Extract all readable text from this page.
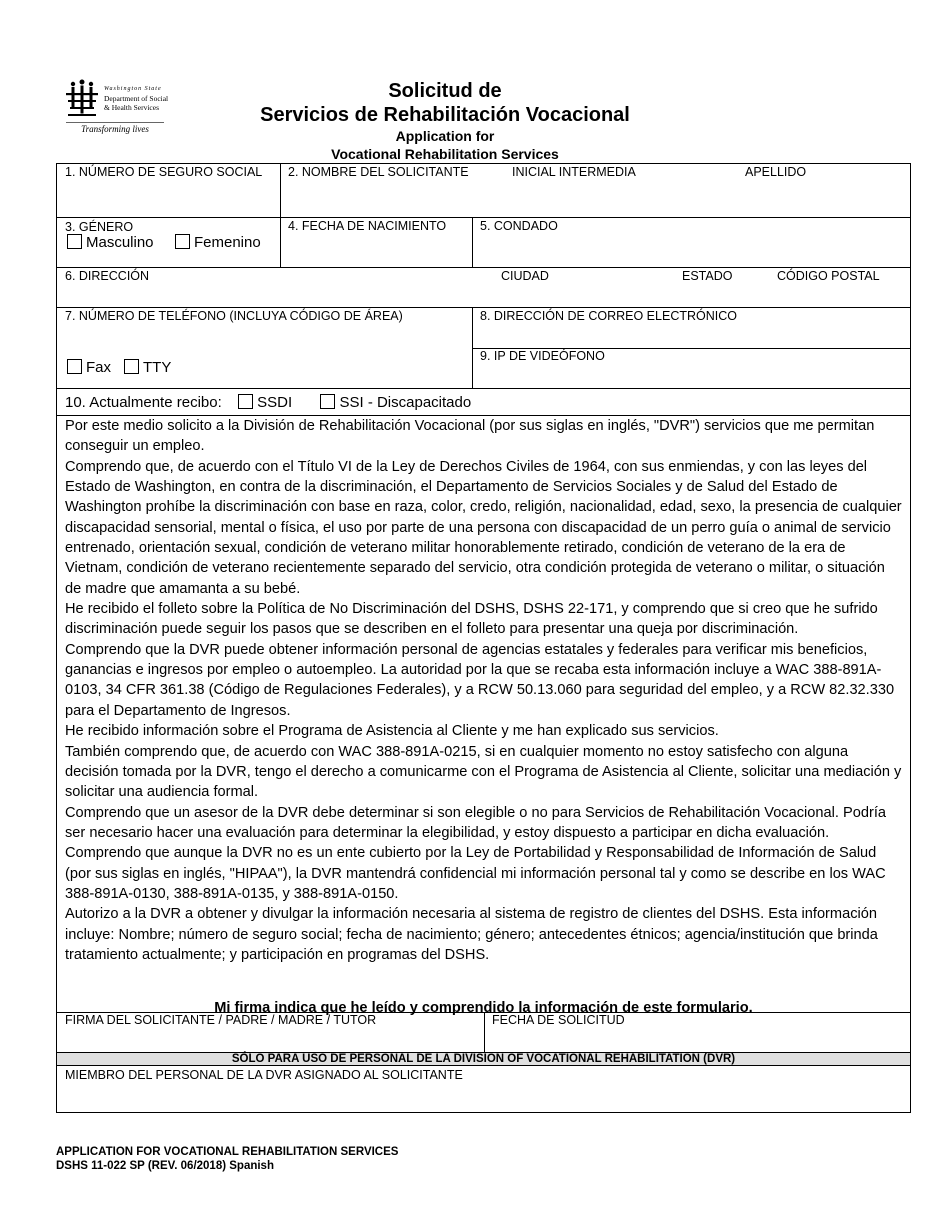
Washington State
Department of Social
& Health Services
Transforming lives
Solicitud de
Servicios de Rehabilitación Vocacional
Application for
Vocational Rehabilitation Services
1. NÚMERO DE SEGURO SOCIAL 2. NOMBRE DEL SOLICITANTE	INICIAL INTERMEDIA	APELLIDO
3. GÉNERO
Masculino	Femenino
4. FECHA DE NACIMIENTO	5. CONDADO
6. DIRECCIÓN	CIUDAD	ESTADO	CÓDIGO POSTAL
7. NÚMERO DE TELÉFONO (INCLUYA CÓDIGO DE ÁREA)
Fax	TTY
8. DIRECCIÓN DE CORREO ELECTRÓNICO
9. IP DE VIDEÓFONO
10. Actualmente recibo: SSDI	SSI - Discapacitado

Por este medio solicito a la División de Rehabilitación Vocacional (por sus siglas en inglés, "DVR") servicios que me permitan conseguir un empleo.

Comprendo que, de acuerdo con el Título VI de la Ley de Derechos Civiles de 1964, con sus enmiendas, y con las leyes del Estado de Washington, en contra de la discriminación, el Departamento de Servicios Sociales y de Salud del Estado de Washington prohíbe la discriminación con base en raza, color, credo, religión, nacionalidad, edad, sexo, la presencia de cualquier discapacidad sensorial, mental o física, el uso por parte de una persona con discapacidad de un perro guía o animal de servicio entrenado, orientación sexual, condición de veterano militar honorablemente retirado, condición de veterano de la era de Vietnam, condición de veterano recientemente separado del servicio, otra condición protegida de veterano o militar, o situación de madre que amamanta a su bebé.

He recibido el folleto sobre la Política de No Discriminación del DSHS, DSHS 22-171, y comprendo que si creo que he sufrido discriminación puede seguir los pasos que se describen en el folleto para presentar una queja por discriminación.

Comprendo que la DVR puede obtener información personal de agencias estatales y federales para verificar mis beneficios, ganancias e ingresos por empleo o autoempleo. La autoridad por la que se recaba esta información incluye a WAC 388-891A-0103, 34 CFR 361.38 (Código de Regulaciones Federales), y a RCW 50.13.060 para seguridad del empleo, y a RCW 82.32.330 para el Departamento de Ingresos.

He recibido información sobre el Programa de Asistencia al Cliente y me han explicado sus servicios.

También comprendo que, de acuerdo con WAC 388-891A-0215, si en cualquier momento no estoy satisfecho con alguna decisión tomada por la DVR, tengo el derecho a comunicarme con el Programa de Asistencia al Cliente, solicitar una mediación y solicitar una audiencia formal.

Comprendo que un asesor de la DVR debe determinar si son elegible o no para Servicios de Rehabilitación Vocacional. Podría ser necesario hacer una evaluación para determinar la elegibilidad, y estoy dispuesto a participar en dicha evaluación.

Comprendo que aunque la DVR no es un ente cubierto por la Ley de Portabilidad y Responsabilidad de Información de Salud (por sus siglas en inglés, "HIPAA"), la DVR mantendrá confidencial mi información personal tal y como se describe en los WAC 388-891A-0130, 388-891A-0135, y 388-891A-0150.

Autorizo a la DVR a obtener y divulgar la información necesaria al sistema de registro de clientes del DSHS. Esta información incluye: Nombre; número de seguro social; fecha de nacimiento; género; antecedentes étnicos; agencia/institución que brinda tratamiento actualmente; y participación en programas del DSHS.

Mi firma indica que he leído y comprendido la información de este formulario.
FIRMA DEL SOLICITANTE / PADRE / MADRE / TUTOR	FECHA DE SOLICITUD
SÓLO PARA USO DE PERSONAL DE LA DIVISION OF VOCATIONAL REHABILITATION (DVR)
MIEMBRO DEL PERSONAL DE LA DVR ASIGNADO AL SOLICITANTE
APPLICATION FOR VOCATIONAL REHABILITATION SERVICES
DSHS 11-022 SP (REV. 06/2018) Spanish
